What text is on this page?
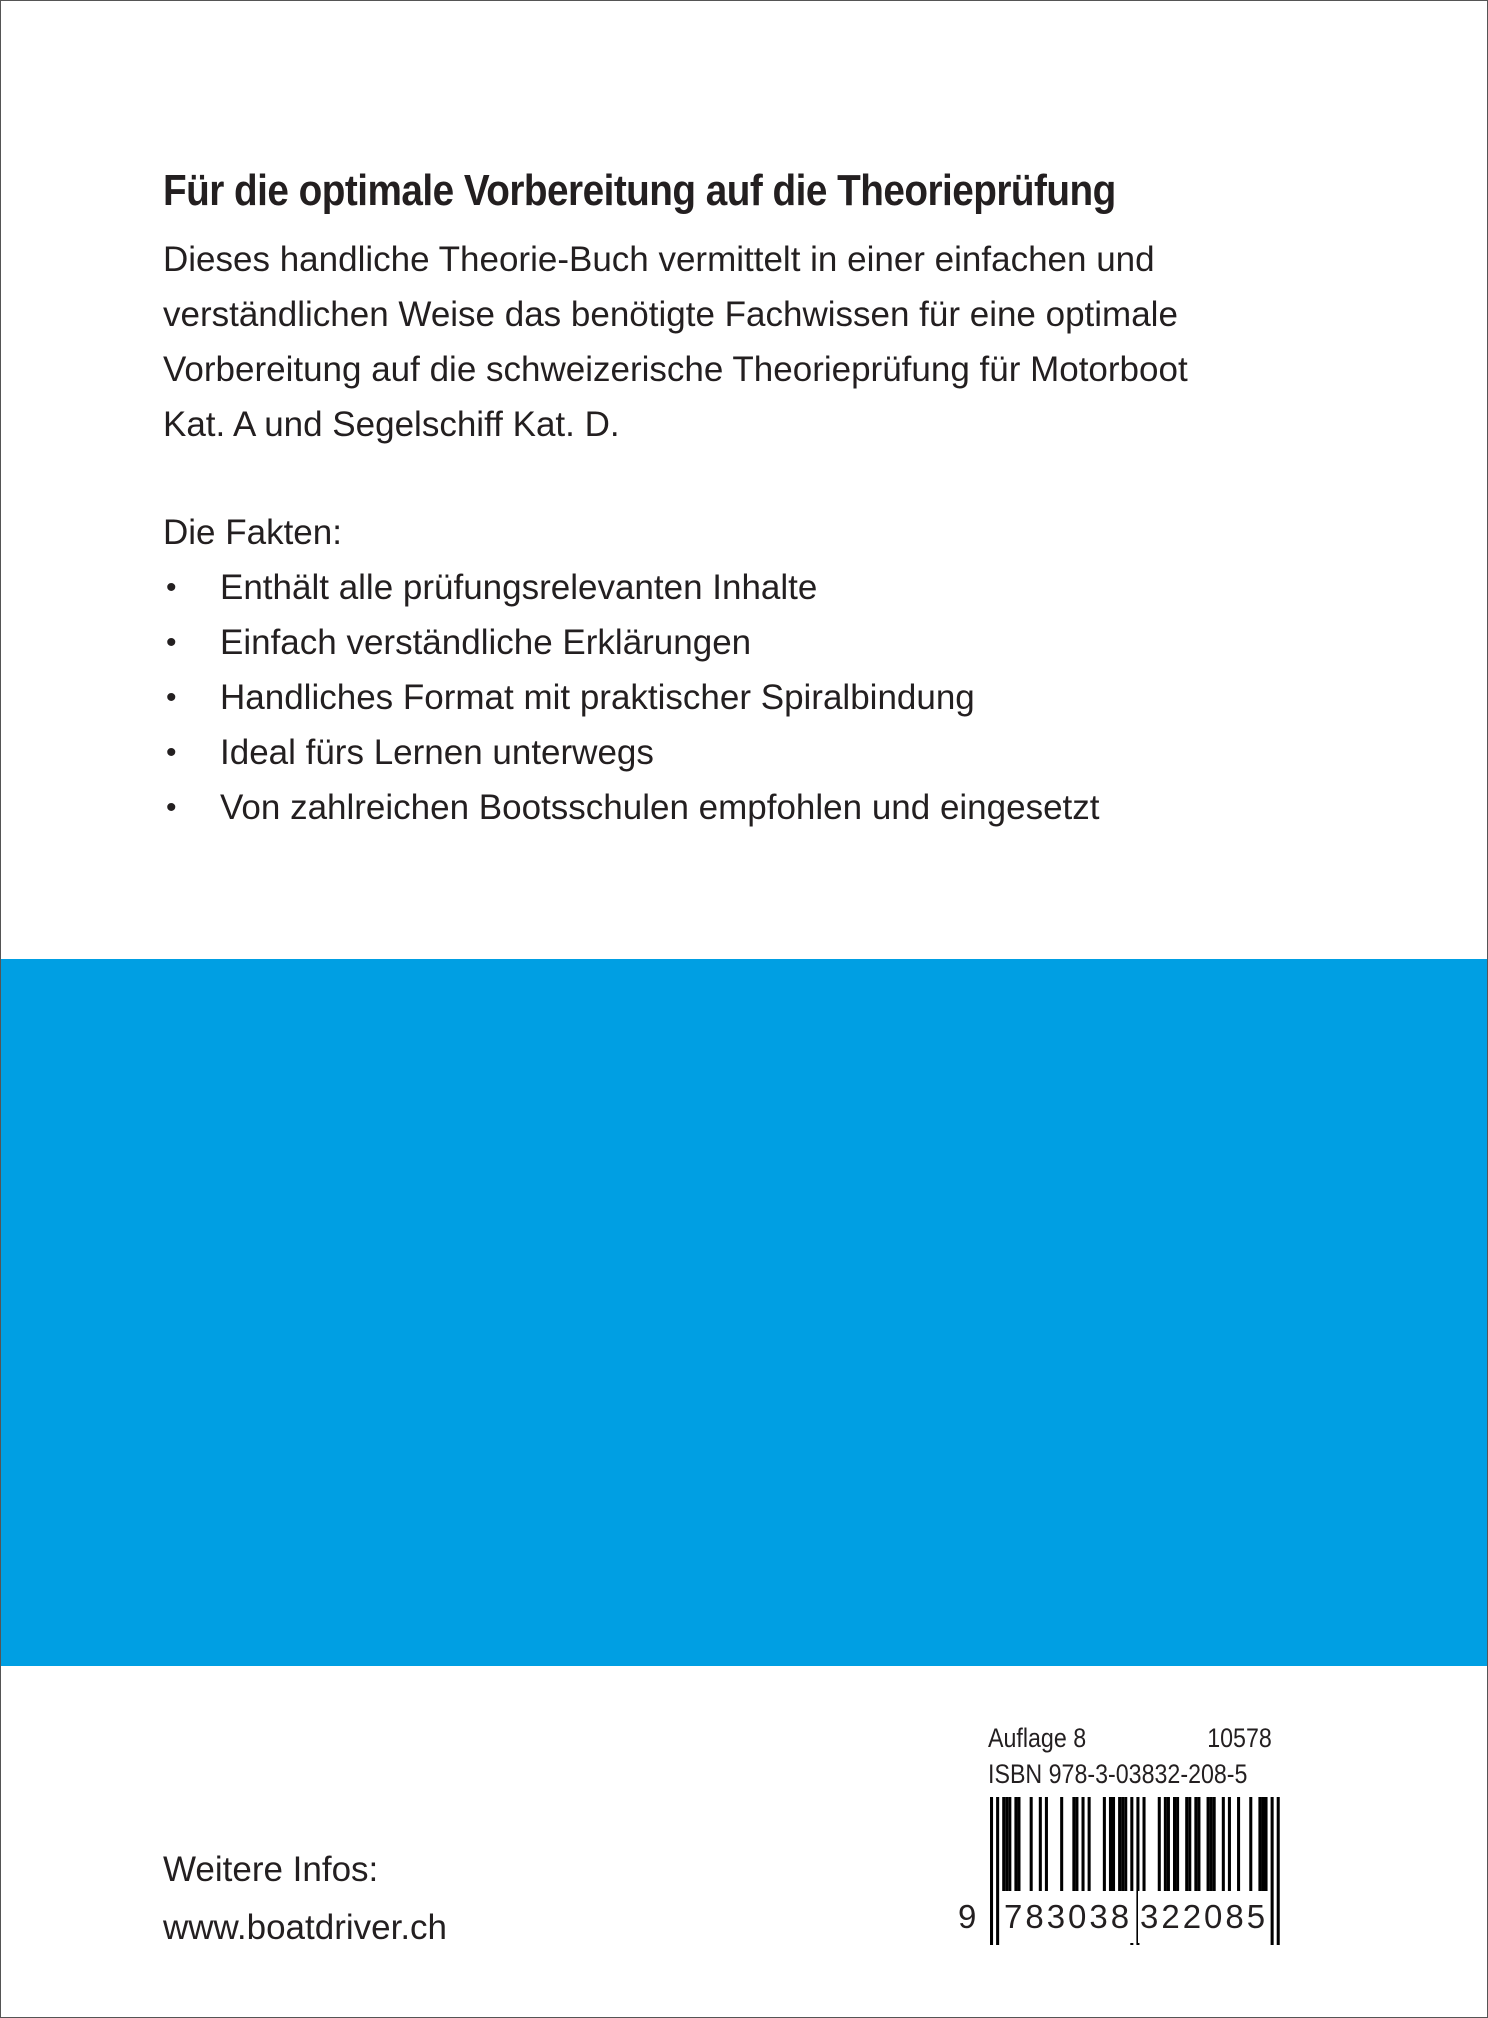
Für die optimale Vorbereitung auf die Theorieprüfung
Dieses handliche Theorie-Buch vermittelt in einer einfachen und
verständlichen Weise das benötigte Fachwissen für eine optimale
Vorbereitung auf die schweizerische Theorieprüfung für Motorboot
Kat. A und Segelschiff Kat. D.
Die Fakten:
• Enthält alle prüfungsrelevanten Inhalte
• Einfach verständliche Erklärungen
• Handliches Format mit praktischer Spiralbindung
• Ideal fürs Lernen unterwegs
• Von zahlreichen Bootsschulen empfohlen und eingesetzt
Auflage 8	10578
ISBN 978-3-03832-208-5
9 783038 322085
Weitere Infos:
www.boatdriver.ch
